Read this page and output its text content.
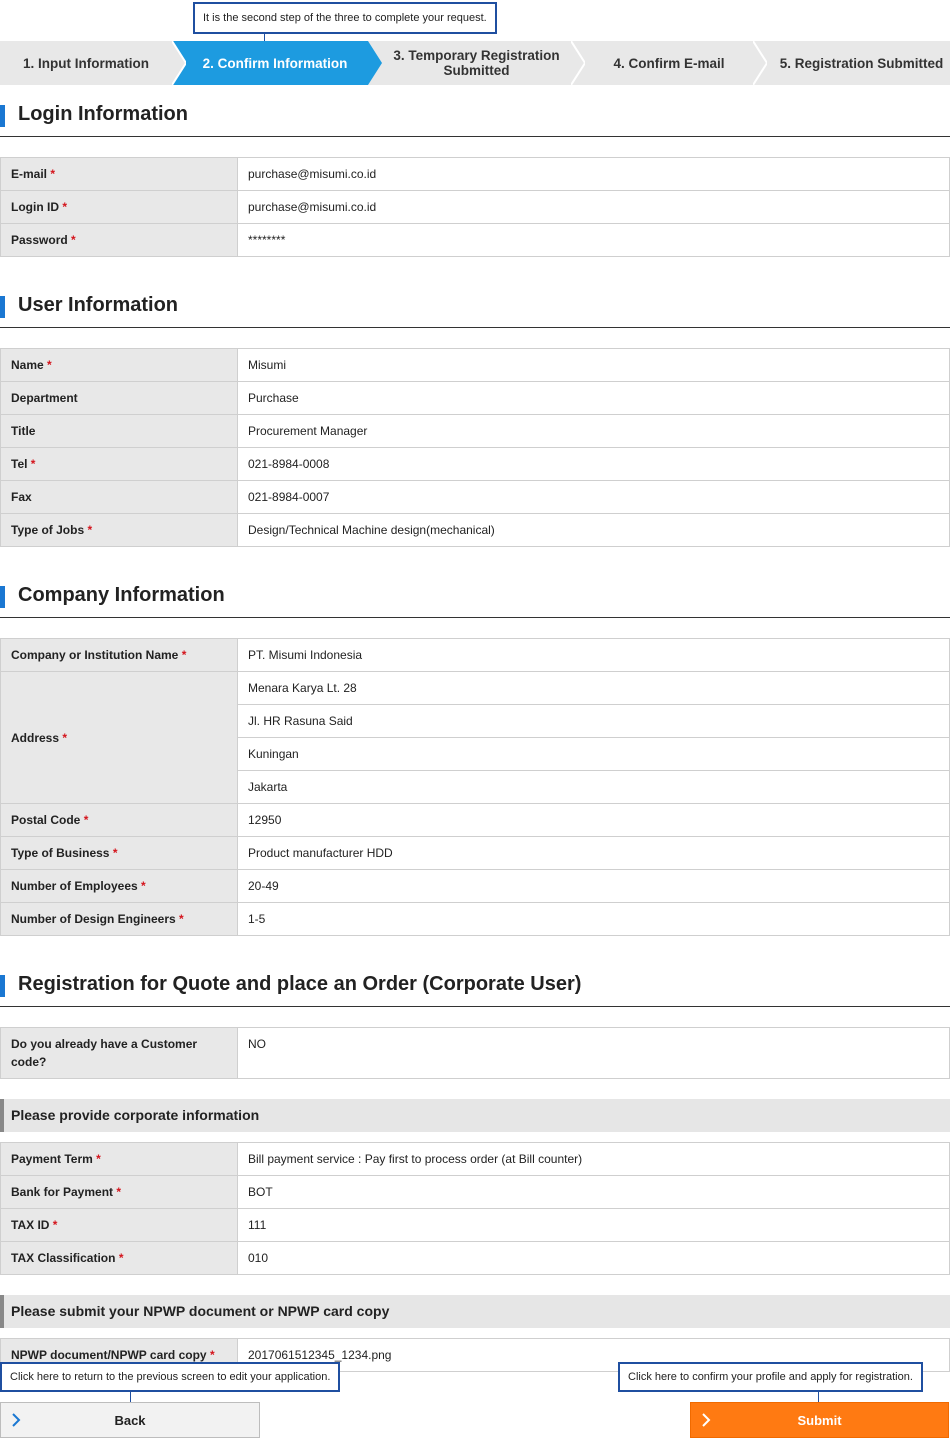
It is the second step of the three to complete your request.
1. Input Information	2. Confirm Information	3. Temporary Registration
Submitted	4. Confirm E-mail	5. Registration Submitted
Login Information
E-mail *	purchase@misumi.co.id
Login ID *	purchase@misumi.co.id
Password *	********
User Information
Name *	Misumi
Department	Purchase
Title	Procurement Manager
Tel *	021-8984-0008
Fax	021-8984-0007
Type of Jobs *	Design/Technical Machine design(mechanical)
Company Information
Company or Institution Name *	PT. Misumi Indonesia
Address *	Menara Karya Lt. 28
	Jl. HR Rasuna Said
	Kuningan
	Jakarta
Postal Code *	12950
Type of Business *	Product manufacturer HDD
Number of Employees *	20-49
Number of Design Engineers *	1-5
Registration for Quote and place an Order (Corporate User)
Do you already have a Customer
code?
	NO
Please provide corporate information
Payment Term *	Bill payment service : Pay first to process order (at Bill counter)
Bank for Payment *	BOT
TAX ID *	111
TAX Classification *	010
Please submit your NPWP document or NPWP card copy
NPWP document/NPWP card copy *	2017061512345_1234.png
Click here to return to the previous screen to edit your application.	Click here to confirm your profile and apply for registration.
Back	Submit
